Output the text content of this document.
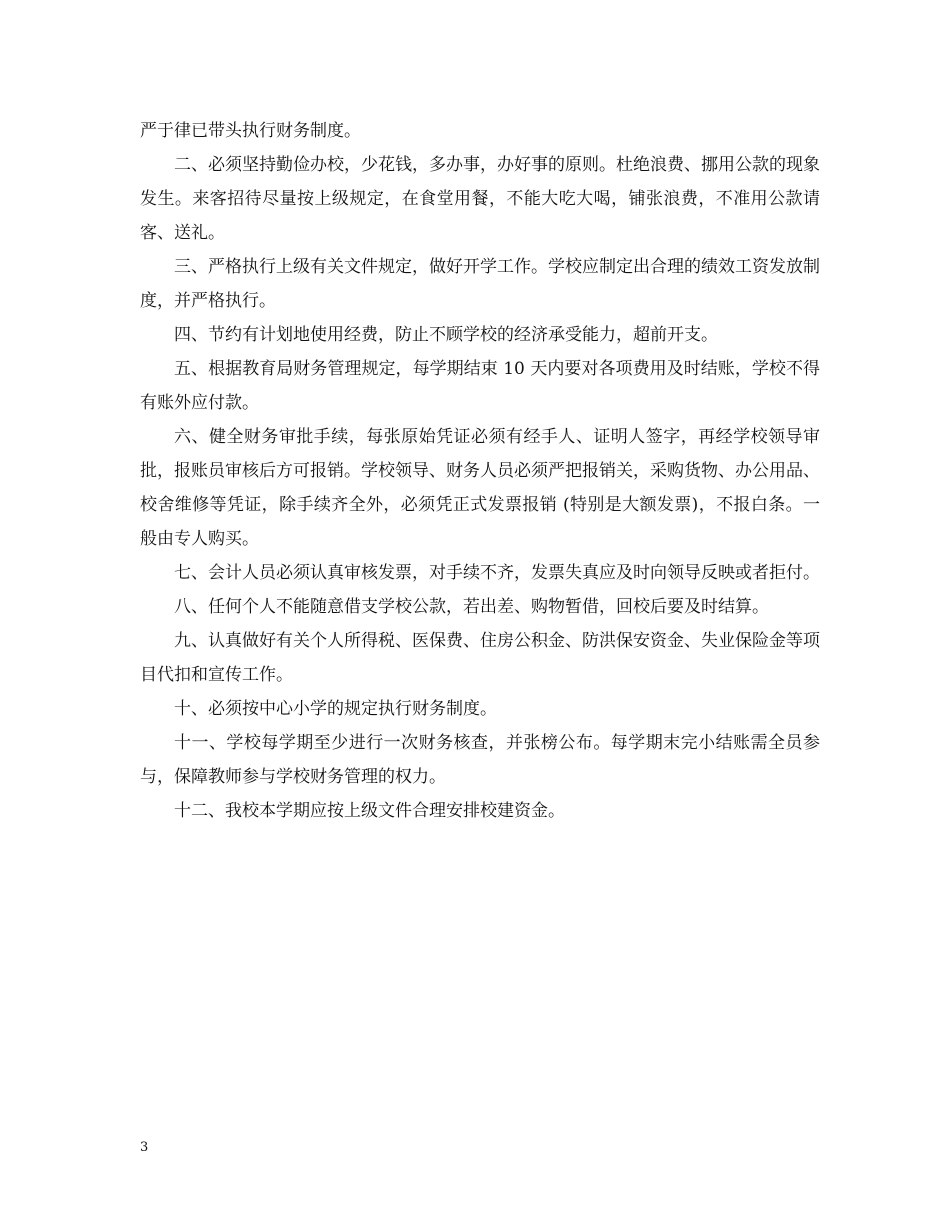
严于律已带头执行财务制度。

二、必须坚持勤俭办校，少花钱，多办事，办好事的原则。杜绝浪费、挪用公款的现象发生。来客招待尽量按上级规定，在食堂用餐，不能大吃大喝，铺张浪费，不准用公款请客、送礼。

三、严格执行上级有关文件规定，做好开学工作。学校应制定出合理的绩效工资发放制度，并严格执行。

四、节约有计划地使用经费，防止不顾学校的经济承受能力，超前开支。

五、根据教育局财务管理规定，每学期结束 10 天内要对各项费用及时结账，学校不得有账外应付款。

六、健全财务审批手续，每张原始凭证必须有经手人、证明人签字，再经学校领导审批，报账员审核后方可报销。学校领导、财务人员必须严把报销关，采购货物、办公用品、校舍维修等凭证，除手续齐全外，必须凭正式发票报销 (特别是大额发票)，不报白条。一般由专人购买。

七、会计人员必须认真审核发票，对手续不齐，发票失真应及时向领导反映或者拒付。

八、任何个人不能随意借支学校公款，若出差、购物暂借，回校后要及时结算。

九、认真做好有关个人所得税、医保费、住房公积金、防洪保安资金、失业保险金等项目代扣和宣传工作。

十、必须按中心小学的规定执行财务制度。

十一、学校每学期至少进行一次财务核查，并张榜公布。每学期末完小结账需全员参与，保障教师参与学校财务管理的权力。

十二、我校本学期应按上级文件合理安排校建资金。

3
